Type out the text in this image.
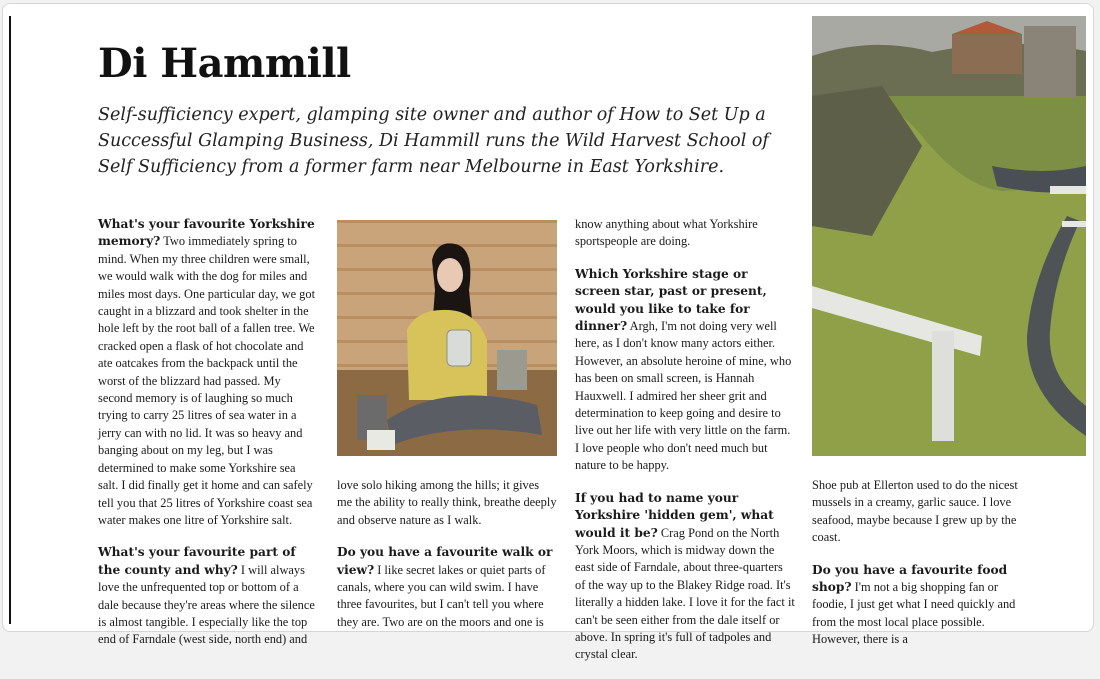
Di Hammill

Self-sufficiency expert, glamping site owner and author of How to Set Up a Successful Glamping Business, Di Hammill runs the Wild Harvest School of Self Sufficiency from a former farm near Melbourne in East Yorkshire.

What's your favourite Yorkshire memory? Two immediately spring to mind. When my three children were small, we would walk with the dog for miles and miles most days. One particular day, we got caught in a blizzard and took shelter in the hole left by the root ball of a fallen tree. We cracked open a flask of hot chocolate and ate oatcakes from the backpack until the worst of the blizzard had passed. My second memory is of laughing so much trying to carry 25 litres of sea water in a jerry can with no lid. It was so heavy and banging about on my leg, but I was determined to make some Yorkshire sea salt. I did finally get it home and can safely tell you that 25 litres of Yorkshire coast sea water makes one litre of Yorkshire salt.

What's your favourite part of the county and why? I will always love the unfrequented top or bottom of a dale because they're areas where the silence is almost tangible. I especially like the top end of Farndale (west side, north end) and

love solo hiking among the hills; it gives me the ability to really think, breathe deeply and observe nature as I walk.

Do you have a favourite walk or view? I like secret lakes or quiet parts of canals, where you can wild swim. I have three favourites, but I can't tell you where they are. Two are on the moors and one is

know anything about what Yorkshire sportspeople are doing.

Which Yorkshire stage or screen star, past or present, would you like to take for dinner? Argh, I'm not doing very well here, as I don't know many actors either. However, an absolute heroine of mine, who has been on small screen, is Hannah Hauxwell. I admired her sheer grit and determination to keep going and desire to live out her life with very little on the farm. I love people who don't need much but nature to be happy.

If you had to name your Yorkshire 'hidden gem', what would it be? Crag Pond on the North York Moors, which is midway down the east side of Farndale, about three-quarters of the way up to the Blakey Ridge road. It's literally a hidden lake. I love it for the fact it can't be seen either from the dale itself or above. In spring it's full of tadpoles and crystal clear.

Shoe pub at Ellerton used to do the nicest mussels in a creamy, garlic sauce. I love seafood, maybe because I grew up by the coast.

Do you have a favourite food shop? I'm not a big shopping fan or foodie, I just get what I need quickly and from the most local place possible. However, there is a
